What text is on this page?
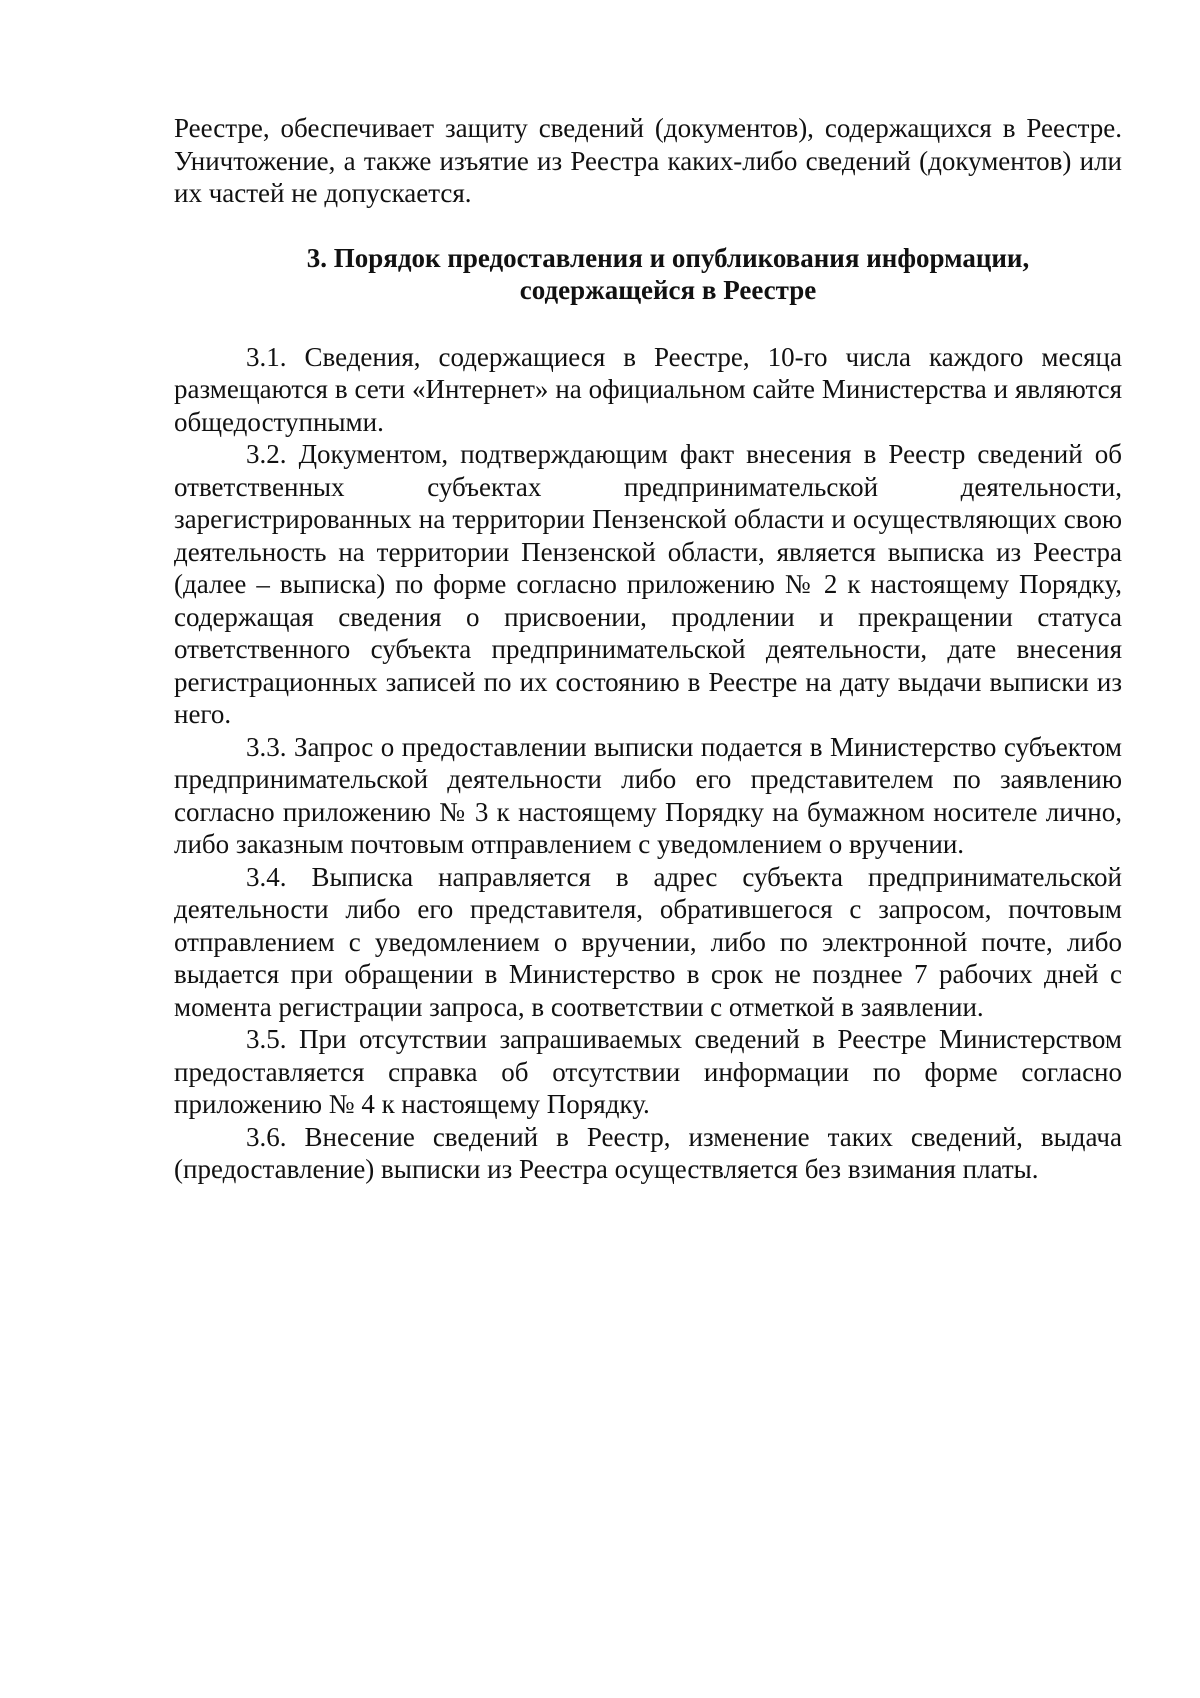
Реестре, обеспечивает защиту сведений (документов), содержащихся в Реестре. Уничтожение, а также изъятие из Реестра каких-либо сведений (документов) или их частей не допускается.

3. Порядок предоставления и опубликования информации,
содержащейся в Реестре

3.1. Сведения, содержащиеся в Реестре, 10-го числа каждого месяца размещаются в сети «Интернет» на официальном сайте Министерства и являются общедоступными.

3.2. Документом, подтверждающим факт внесения в Реестр сведений об ответственных субъектах предпринимательской деятельности, зарегистрированных на территории Пензенской области и осуществляющих свою деятельность на территории Пензенской области, является выписка из Реестра (далее – выписка) по форме согласно приложению № 2 к настоящему Порядку, содержащая сведения о присвоении, продлении и прекращении статуса ответственного субъекта предпринимательской деятельности, дате внесения регистрационных записей по их состоянию в Реестре на дату выдачи выписки из него.

3.3. Запрос о предоставлении выписки подается в Министерство субъектом предпринимательской деятельности либо его представителем по заявлению согласно приложению № 3 к настоящему Порядку на бумажном носителе лично, либо заказным почтовым отправлением с уведомлением о вручении.

3.4. Выписка направляется в адрес субъекта предпринимательской деятельности либо его представителя, обратившегося с запросом, почтовым отправлением с уведомлением о вручении, либо по электронной почте, либо выдается при обращении в Министерство в срок не позднее 7 рабочих дней с момента регистрации запроса, в соответствии с отметкой в заявлении.

3.5. При отсутствии запрашиваемых сведений в Реестре Министерством предоставляется справка об отсутствии информации по форме согласно приложению № 4 к настоящему Порядку.

3.6. Внесение сведений в Реестр, изменение таких сведений, выдача (предоставление) выписки из Реестра осуществляется без взимания платы.
